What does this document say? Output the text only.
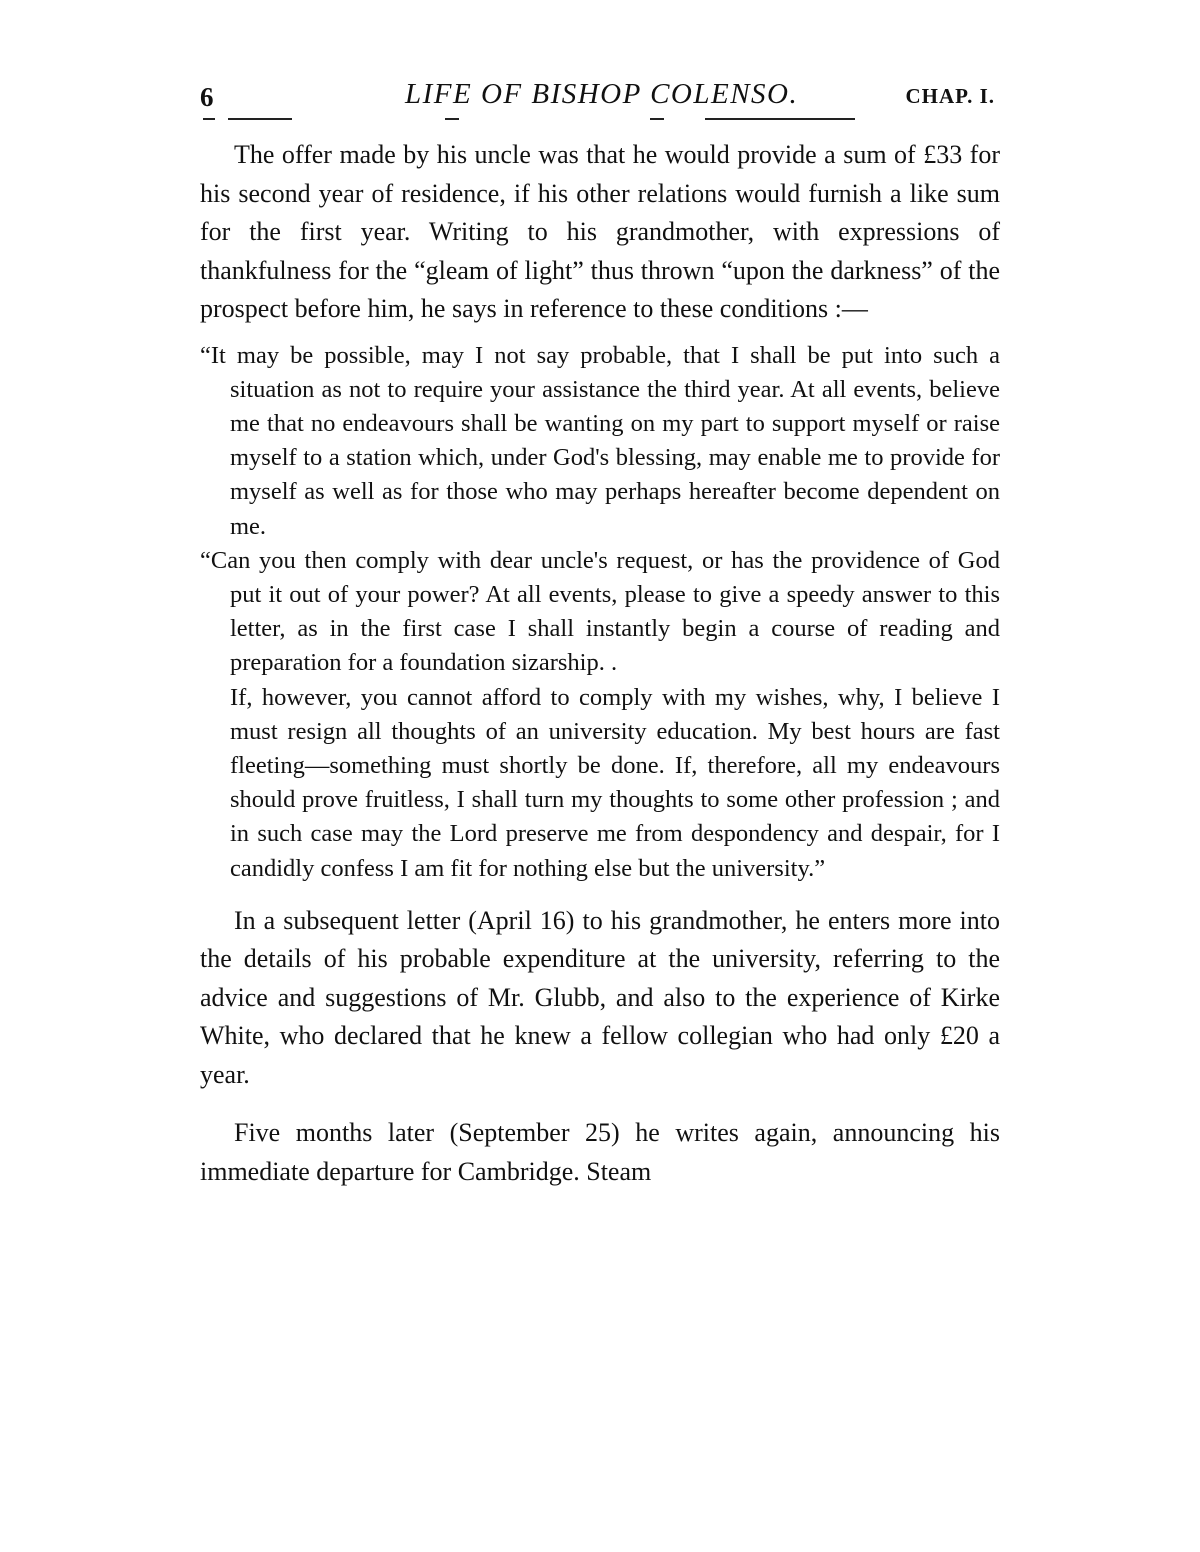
6	LIFE OF BISHOP COLENSO.	CHAP. I.

The offer made by his uncle was that he would provide a sum of £33 for his second year of residence, if his other relations would furnish a like sum for the first year. Writing to his grandmother, with expressions of thankfulness for the “gleam of light” thus thrown “upon the darkness” of the prospect before him, he says in reference to these conditions :—

“It may be possible, may I not say probable, that I shall be put into such a situation as not to require your assistance the third year. At all events, believe me that no endeavours shall be wanting on my part to support myself or raise myself to a station which, under God's blessing, may enable me to provide for myself as well as for those who may perhaps hereafter become dependent on me.

“Can you then comply with dear uncle's request, or has the providence of God put it out of your power? At all events, please to give a speedy answer to this letter, as in the first case I shall instantly begin a course of reading and preparation for a foundation sizarship. .

If, however, you cannot afford to comply with my wishes, why, I believe I must resign all thoughts of an university education. My best hours are fast fleeting—something must shortly be done. If, therefore, all my endeavours should prove fruitless, I shall turn my thoughts to some other profession ; and in such case may the Lord preserve me from despondency and despair, for I candidly confess I am fit for nothing else but the university.”

In a subsequent letter (April 16) to his grandmother, he enters more into the details of his probable expenditure at the university, referring to the advice and suggestions of Mr. Glubb, and also to the experience of Kirke White, who declared that he knew a fellow collegian who had only £20 a year.

Five months later (September 25) he writes again, announcing his immediate departure for Cambridge. Steam
